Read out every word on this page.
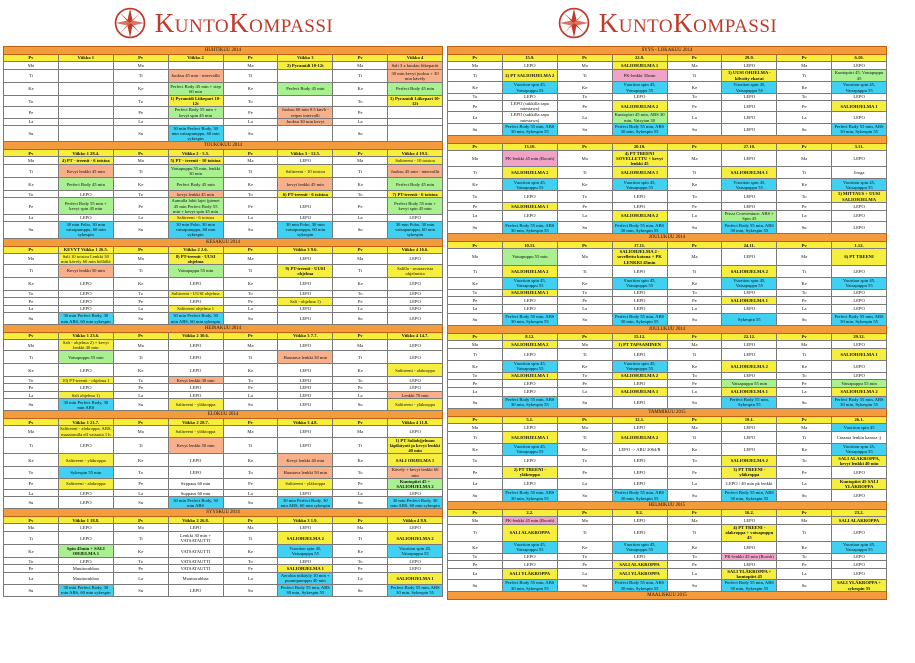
KuntoKompassi
HUHTIKUU 2014							
Pv	Viikko 1	Pv	Viikko 2	Pv	Viikko 3	Pv	Viikko 4
Ma		Ma		Ma	2) Pyramidi 10-12t	Ma	Sali 3 x kuukin liikepariit
Ti		Ti	Juoksu 45 min - intervallit	Ti		Ti	30 min kevyt juoksu + 30 min kävely
Ke		Ke	Perfect Body 45 min + step 60 min	Ke	Perfect Body 45 min	Ke	Perfect Body 45 min
To		To	1) Pyramidi Liikepari 10-12t	To		To	3) Pyramidi Liikepari 10-12t
Pe		Pe	Perfect Body 55 min + kevyt spin 45 min	Pe	Juoksu 60 min 9.5 km/h - reipas intervalli	Pe	
La		La		La	Juoksu 30 min kevyt	La	
Su		Su	30 min Perfect Body, 30 min vatsapumppu, 60 min sykespin	Su		Su	
TOUKOKUU 2014							
Pv	Viikko 1 28.4.	Pv	Viikko 2 - 5.5.	Pv	Viikko 3 - 12.5.	Pv	Viikko 4 19.5.
Ma	4) PT - treenit - 6 toistoa	Ma	5) PT - treenit - 10 toistoa	Ma	LEPO	Ma	Salitreeni - 10 toistoa
Ti	Kevyt lenkki 45 min	Ti	Vatsapuppu 55 min, lenkki 30 min	Ti	Salitreeni - 10 toistoa	Ti	Juoksu 45 min - intervallit
Ke	Perfect Body 45 min	Ke	Perfect Body 45 min	Ke	kevyt lenkki 45 min	Ke	Perfect Body 45 min
To	LEPO	To	kevyt lenkki 45 min	To	6) PT-treenit - 6 toistoa	To	7) PT-treenit - 6 toistoa
Pe	Perfect Body 55 min + kevyt spin 45 min	Pe	Aamulla lahti lajei (pienet 45 min Perfect Body 55 min + kevyt spin 45 min	Pe	LEPO	Pe	Perfect Body 55 min + kevyt spin 45 min
La	LEPO	La	Salitreeni - 6 toistoa	La	LEPO	La	LEPO
Su	30 min Pobo, 30 min vatsapumppu, 60 min sykespin	Su	30 min Pobo, 30 min vatsapumppu, 60 min sykespin	Su	30 min Pobo, 30 min vatsapumppu, 60 min sykespin	Su	30 min Pobo, 30 min vatsapumppu, 60 min sykespin
KESÄKUU 2014							
Pv	KEVYT Viikko 1 26.5.	Pv	Viikko 2 2.6.	Pv	Viikko 3 9.6.	Pv	Viikko 4 16.6.
Ma	Sali 10 toistoa Lenkki 30 min kävely 60 min höllällä	Ma	8) PT-treenit - UUSI ohjelma	Ma	LEPO	Ma	LEPO
Ti	Kevyt lenkki 50 min	Ti	Vatsapuppu 55 min	Ti	9) PT-treenit - UUSI ohjelma	Ti	Salilla - seuraavista ohjelmista
Ke	LEPO	Ke	LEPO	Ke	LEPO	Ke	LEPO
To	LEPO	To	Salitreeni - UUSI ohjelma	To	LEPO	To	LEPO
Pe	LEPO	Pe	LEPO	Pe	Sali - ohjelma 1)	Pe	LEPO
La	LEPO	La	Salitreeni ohjelma 1	La	LEPO	La	LEPO
Su	30 min Perfect Body, 30 min ABS, 60 min sykespin	Su	30 min Perfect Body, 30 min ABS, 60 min sykespin	Su	LEPO	Su	LEPO
HEINÄKUU 2014							
Pv	Viikko 1 23.6.	Pv	Viikko 2 30.6.	Pv	Viikko 3 7.7.	Pv	Viikko 4 14.7.
Ma	Sali - ohjelma 2) + kevyt lenkki 40 min	Ma	LEPO	Ma	LEPO	Ma	LEPO
Ti	Vatsapuppu 55 min	Ti	LEPO	Ti	Haastava lenkki 30 min	Ti	LEPO
Ke	LEPO	Ke	LEPO	Ke	LEPO	Ke	Salitreeni - alakroppa
To	10) PT-treenit - ohjelma 1	To	Kevyt lenkki 30 min	To	LEPO	To	LEPO
Pe	LEPO	Pe	LEPO	Pe	LEPO	Pe	LEPO
La	Sali ohjelma 1)	La	LEPO	La	LEPO	La	Lenkki 70 min
Su	30 min Perfect Body, 30 min ABS	Su	Salitreeni - yläkroppa	Su	LEPO	Su	Salitreeni - yläkroppa
ELOKUU 2014							
Pv	Viikko 1 21.7.	Pv	Viikko 2 28.7.	Pv	Viikko 3 4.8.	Pv	Viikko 4 11.8.
Ma	Salitreeni - alakroppa, ABS, maastarulla ell vatsasta 1 h	Ma	Salitreeni - yläkroppa	Ma	LEPO	Ma	LEPO
Ti	LEPO	Ti	Kevyt lenkki 50 min	Ti	LEPO	Ti	1) PT Salioh(jelman läpikäynti ja kevyt lenkki 40 min
Ke	Salitreeni - yläkroppa	Ke	LEPO	Ke	Kevyt lenkki 40 min	Ke	SALI OHJELMA 1
To	Sykespin 55 min	To	LEPO	To	Haastava lenkki 50 min	To	Kävely + kevyt lenkki 60 min
Pe	Salitreeni - alakroppa	Pe	Sxppaus 60 min	Pe	Salitreeni - yläkroppa	Pe	Kuntopiiri 45 + SALIOHJELMA 2
La	LEPO	La	Suppaus 60 min	La	LEPO	La	LEPO
Su	LEPO	Su	30 min Perfect Body, 30 min ABS	Su	30 min Perfect Body, 30 min ABS, 60 min sykespin	Su	30 min Perfect Body, 30 min ABS, 60 min sykespin
SYYSKUU 2014							
Pv	Viikko 1 18.8.	Pv	Viikko 2 26.8.	Pv	Viikko 3 1.9.	Pv	Viikko 4 8.9.
Ma	LEPO	Ma	LEPO	Ma	LEPO	Ma	LEPO
Ti	LEPO	Ti	Lenkki 30 min + VATSATAUTTI	Ti	SALIOHJELMA 2	Ti	SALIOHJELMA 2
Ke	Spin 45min + SALI OHJELMA 1	Ke	VATSATAUTTI	Ke	Vuoriton spin 45, Vatsapuppu 55	Ke	Vuoriton spin 45, Vatsapuppu 55
To	LEPO	To	VATSATAUTTI	To	LEPO	To	LEPO
Pe	Muuttoruhbaa	Pe	VATSATAUTTI	Pe	SALIOHJELMA 1	Pe	LEPO
La	Muuttoruhbaa	La	Muuttoruhbaa	La	Aerobia mikäyly 10 min + puumipumppu 40 min	La	SALIOHJELMA 1
Su	30 min Perfect Body, 30 min ABS, 60 min sykespin	Su	LEPO	Su	Perfect Body 55 min, ABS 30 min, Sykespin 55	Su	Perfect Body 55 min, ABS 30 min, Sykespin 55
KuntoKompassi
SYYS - LOKAKUU 2014							
Pv	15.9.	Pv	22.9.	Pv	29.9.	Pv	6.10.
Ma	LEPO	Ma	SALIOHJELMA 1	Ma	LEPO	Ma	LEPO
Ti	2) PT SALIOHJELMA 2	Ti	PK-lenkki 35min	Ti	3) UUSI OHJELMA - kilvoity ekavat	Ti	Kuntopiiri 45, Vatsapuppu 45
Ke	Vuoriton spin 45, Vatsapuppu 55	Ke	Vuoriton spin 45, Vatsapuppu 55	Ke	Vuoriton spin 45, Vatsapuppu 55	Ke	Vuoriton spin 45, Vatsapuppu 55
To	LEPO	To	LEPO	To	LEPO	To	LEPO
Pe	LEPO (sukkilla sapa miestawa)	Pe	SALIOHJELMA 2	Pe	LEPO	Pe	SALIOHJELMA 1
La	LEPO (sukkilla sapa miestawa)	La	Kuntopiiri 45 min, ABS 30 min, Vatsytan 30	La	LEPO	La	LEPO
Su	Perfect Body 55 min, ABS 30 min, Sykespin 55	Su	Perfect Body 55 min, ABS 30 min, Sykespin 55	Su	LEPO	Su	Perfect Body 55 min, ABS 30 min, Sykespin 55

Pv	13.10.	Pv	20.10.	Pv	27.10.	Pv	3.11.
Ma	PK-lenkki 45 min (Roosh)	Ma	4) PT TREENI SOVELLETTU + kevyt lenkki 45	Ma	LEPO	Ma	LEPO
Ti	SALIOHJELMA 2	Ti	SALIOHJELMA 1	Ti	SALIOHJELMA 1	Ti	Jooga
Ke	Vuoriton spin 45, Vatsapuppu 55	Ke	Vuoriton spin 45, Vatsapuppu 55	Ke	Vuoriton spin 45, Vatsapuppu 55	Ke	Vuoriton spin 45, Vatsapuppu 55
To	LEPO	To	LEPO	To	LEPO	To	5) MITTAUS + UUSI SALIOHJELMA
Pe	SALIOHJELMA 1	Pe	LEPO	Pe	LEPO	Pe	LEPO
La	LEPO	La	SALIOHJELMA 2	La	Prissi Coreventure: ABS + Spin 45	La	LEPO
Su	Perfect Body 55 min, ABS 30 min, Sykespin 55	Su	Perfect Body 55 min, ABS 30 min, Sykespin 55	Su	Perfect Body 55 min, ABS 30 min, Sykespin 55	Su	LEPO
JOULUKUU 2014							
Pv	10.11.	Pv	17.11.	Pv	24.11.	Pv	1.12.
Ma	Vatsapuppu 55 min	Ma	SALIOHJELMA 2 -sovellettu kotona + PK LENKKI 45min	Ma	LEPO	Ma	6) PT TREENI
Ti	SALIOHJELMA 2	Ti	LEPO	Ti	SALIOHJELMA 2	Ti	LEPO
Ke	Vuoriton spin 45, Vatsapuppu 55	Ke	Vuoriton spin 45, Vatsapuppu 55	Ke	Vuoriton spin 45, Vatsapuppu 55	Ke	Vuoriton spin 45, Vatsapuppu 55
To	SALIOHJELMA 1	To	LEPO	To	LEPO	To	LEPO
Pe	LEPO	Pe	LEPO	Pe	SALIOHJELMA 1	Pe	LEPO
La	LEPO	La	LEPO	La	LEPO	La	LEPO
Su	Perfect Body 55 min, ABS 30 min, Sykespin 55	Su	Perfect Body 55 min, ABS 30 min, Sykespin 55	Su	Sykespin 55	Su	Perfect Body 55 min, ABS 30 min, Sykespin 55
JOULUKUU 2014							
Pv	8.12.	Pv	15.12.	Pv	22.12.	Pv	29.12.
Ma	SALIOHJELMA 2	Ma	1) PT TAPAAMINEN	Ma	LEPO	Ma	LEPO
Ti	LEPO	Ti	LEPO	Ti	LEPO	Ti	SALIOHJELMA 1
Ke	Vuoriton spin 45, Vatsapuppu 55	Ke	Vuoriton spin 45, Vatsapuppu 55	Ke	SALIOHJELMA 2	Ke	LEPO
To	SALIOHJELMA 1	To	SALIOHJELMA 2	To	LEPO	To	LEPO
Pe	LEPO	Pe	LEPO	Pe	Vatsapuppu 55 min	Pe	Vatsapuppu 55 min
La	LEPO	La	SALIOHJELMA 1	La	SALIOHJELMA 1	La	SALIOHJELMA 2
Su	Perfect Body 55 min, ABS 30 min, Sykespin 55	Su	LEPO	Su	Perfect Body 55 min, Sykespin 55	Su	Perfect Body 55 min, ABS 30 min, Sykespin 55
TAMMIKUU 2015							
Pv	5.1.	Pv	12.1.	Pv	19.1.	Pv	26.1.
Ma	LEPO	Ma	LEPO	Ma	LEPO	Ma	Vuoriton spin 45
Ti	SALIOHJELMA 1	Ti	SALIOHJELMA 2	Ti	LEPO	Ti	Cinaasa lenkin kanssa ;)
Ke	Vuoriton spin 45, Vatsapuppu 55	Ke	LEPO -> ABU 2064/R	Ke	LEPO	Ke	Vuoriton spin 45, Vatsapuppu 55
To	LEPO	To	LEPO	To	SALIOHJELMA 2	To	SALI ALAKROPPA, kevyt lenkki 40 min
Pe	2) PT TREENI - yläkroppa	Pe	LEPO	Pe	3) PT TREENI - yläkroppa	Pe	LEPO
La	LEPO	La	LEPO	La	LEPO / 40 min pk lenkki	La	Kuntopiiri 45 SALI YLÄKROPPA
Su	Perfect Body 55 min, ABS 30 min, Sykespin 55	Su	Perfect Body 55 min, ABS 30 min, Sykespin 55	Su	Perfect Body 55 min, ABS 30 min, Sykespin 55	Su	LEPO
HELMIKUU 2015							
Pv	2.2.	Pv	9.2.	Pv	16.2.	Pv	23.2.
Ma	PK-lenkki 45 min (Roosh)	Ma	LEPO	Ma	LEPO	Ma	SALI ALAKROPPA
Ti	SALI ALAKROPPA	Ti	LEPO	Ti	4) PT TREENI - alakroppa + vatsapuppu 45	Ti	LEPO
Ke	Vuoriton spin 45, Vatsapuppu 55	Ke	Vuoriton spin 45, Vatsapuppu 55	Ke	LEPO	Ke	Vuoriton spin 45, Vatsapuppu 55
To	LEPO	To	LEPO	To	PK-lenkki 45 min (Roosh)	To	LEPO
Pe	LEPO	Pe	SALI ALAKROPPA	Pe	LEPO	Pe	LEPO
La	SALI YLÄKROPPA	La	SALI YLÄKROPPA	La	SALI YLÄKROPPA + kuntopiiri 45	La	LEPO
Su	Perfect Body 55 min, ABS 30 min, Sykespin 55	Su	Perfect Body 55 min, ABS 30 min, Sykespin 55	Su	Perfect Body 55 min, ABS 30 min, Sykespin 55	Su	SALI YLÄKROPPA + sykespin 55
MAALISKUU 2015							
